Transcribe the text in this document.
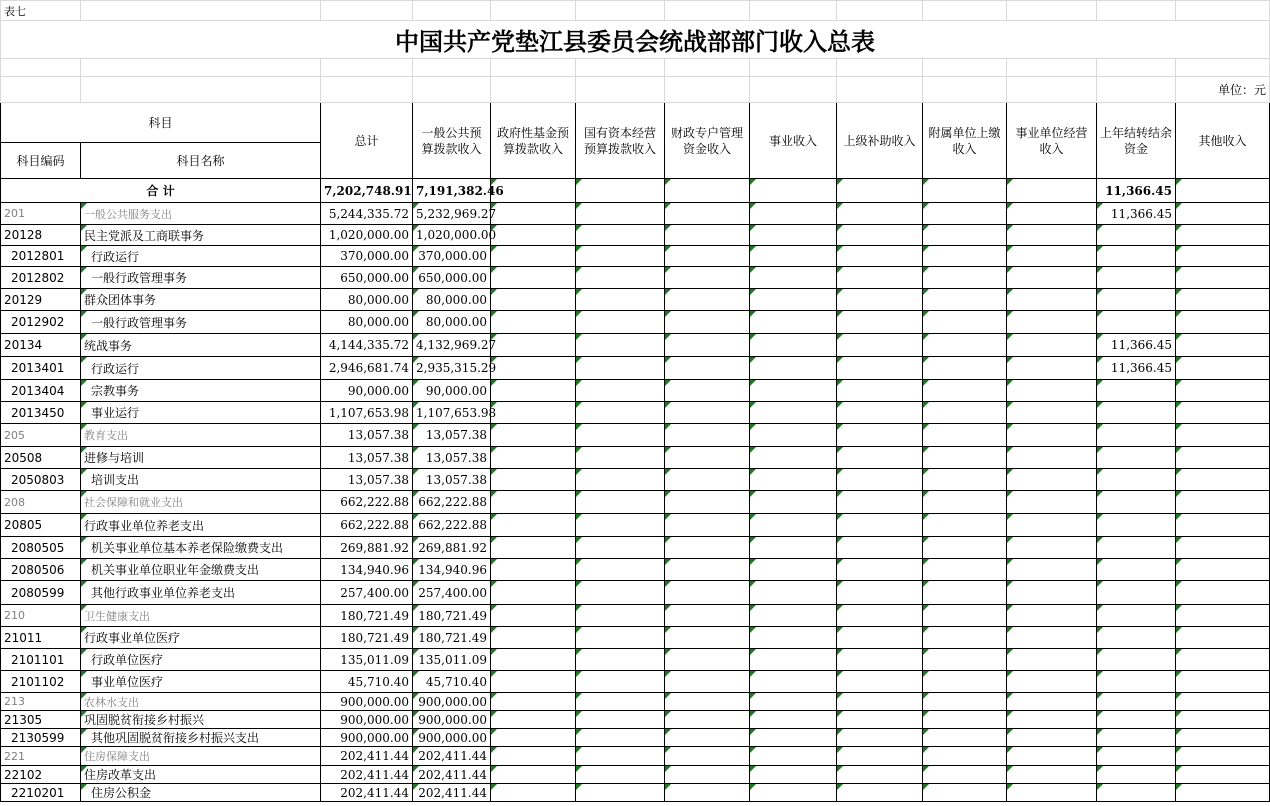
表七												
中国共产党垫江县委员会统战部部门收入总表												

												单位：元
科目		总计	一般公共预算拨款收入	政府性基金预算拨款收入	国有资本经营预算拨款收入	财政专户管理资金收入	事业收入	上级补助收入	附属单位上缴收入	事业单位经营收入	上年结转结余资金	其他收入
科目编码	科目名称											
合 计		7,202,748.91	7,191,382.46								11,366.45	
201	一般公共服务支出	5,244,335.72	5,232,969.27								11,366.45	
20128	民主党派及工商联事务	1,020,000.00	1,020,000.00									
2012801	行政运行	370,000.00	370,000.00									
2012802	一般行政管理事务	650,000.00	650,000.00									
20129	群众团体事务	80,000.00	80,000.00									
2012902	一般行政管理事务	80,000.00	80,000.00									
20134	统战事务	4,144,335.72	4,132,969.27								11,366.45	
2013401	行政运行	2,946,681.74	2,935,315.29								11,366.45	
2013404	宗教事务	90,000.00	90,000.00									
2013450	事业运行	1,107,653.98	1,107,653.98									
205	教育支出	13,057.38	13,057.38									
20508	进修与培训	13,057.38	13,057.38									
2050803	培训支出	13,057.38	13,057.38									
208	社会保障和就业支出	662,222.88	662,222.88									
20805	行政事业单位养老支出	662,222.88	662,222.88									
2080505	机关事业单位基本养老保险缴费支出	269,881.92	269,881.92									
2080506	机关事业单位职业年金缴费支出	134,940.96	134,940.96									
2080599	其他行政事业单位养老支出	257,400.00	257,400.00									
210	卫生健康支出	180,721.49	180,721.49									
21011	行政事业单位医疗	180,721.49	180,721.49									
2101101	行政单位医疗	135,011.09	135,011.09									
2101102	事业单位医疗	45,710.40	45,710.40									
213	农林水支出	900,000.00	900,000.00									
21305	巩固脱贫衔接乡村振兴	900,000.00	900,000.00									
2130599	其他巩固脱贫衔接乡村振兴支出	900,000.00	900,000.00									
221	住房保障支出	202,411.44	202,411.44									
22102	住房改革支出	202,411.44	202,411.44									
2210201	住房公积金	202,411.44	202,411.44									
